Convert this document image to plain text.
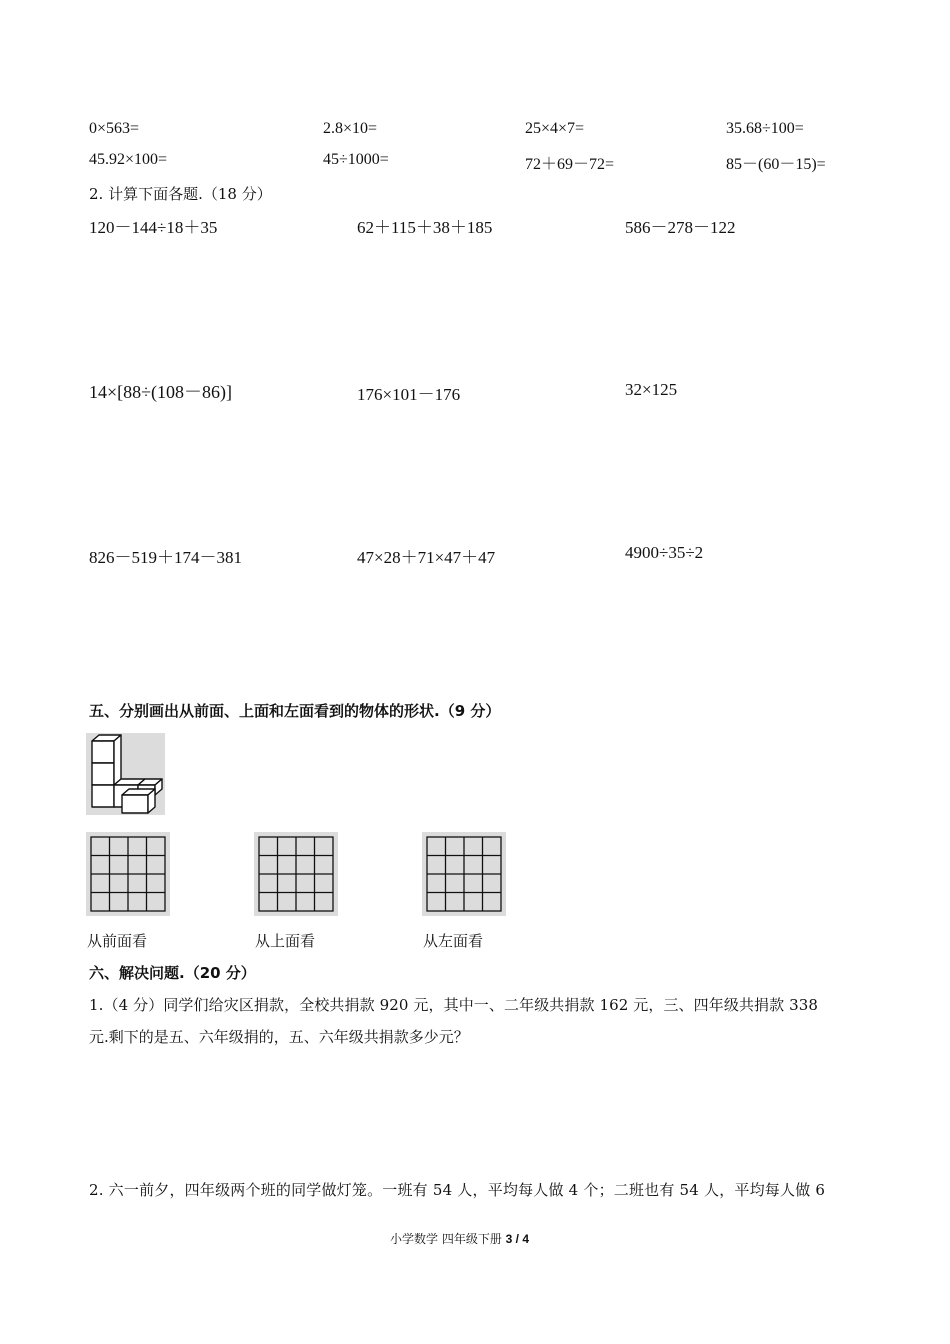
0×563=	2.8×10=	25×4×7=	35.68÷100=
45.92×100=	45÷1000=	72＋69－72=	85－(60－15)=
2. 计算下面各题.（18 分）
120－144÷18＋35	62＋115＋38＋185	586－278－122
14×[88÷(108－86)]	176×101－176	32×125
826－519＋174－381	47×28＋71×47＋47	4900÷35÷2
五、分别画出从前面、上面和左面看到的物体的形状.（9 分）
从前面看	从上面看	从左面看
六、解决问题.（20 分）
1.（4 分）同学们给灾区捐款，全校共捐款 920 元，其中一、二年级共捐款 162 元，三、四年级共捐款 338
元.剩下的是五、六年级捐的，五、六年级共捐款多少元？
2. 六一前夕，四年级两个班的同学做灯笼。一班有 54 人，平均每人做 4 个；二班也有 54 人，平均每人做 6
小学数学 四年级下册 3 / 4
